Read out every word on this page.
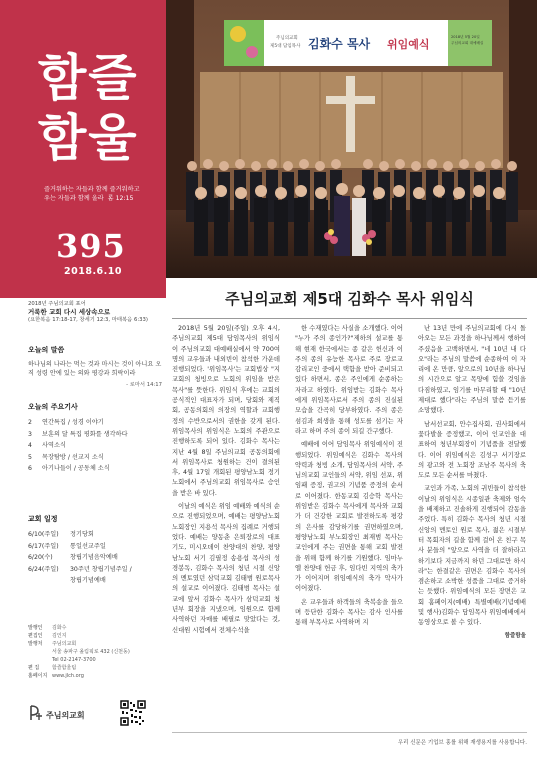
함즐
함울
즐거워하는 자들과 함께 즐거워하고
우는 자들과 함께 울라 롬 12:15
395
2018.6.10
2018년 주님의교회 표어
거룩한 교회 다시 세상속으로
(요한복음 17:18-17, 창세기 12:3, 마태복음 6:33)
오늘의 말씀
하나님의 나라는 먹는 것과 마시는 것이 아니요 오직 성령 안에 있는 의와 평강과 희락이라
- 로마서 14:17
오늘의 주요기사
2	연간특집 / 성경 이야기
3	보훈의 달 특집 평화를 생각하다
4	사역소식
5	목장탐방 / 선교지 소식
6	아기나들이 / 공동체 소식
교회 일정
6/10(주일)	정기당회
6/17(주일)	통일선교주일
6/20(수)	창립기념음악예배
6/24(주일)	30주년 창립기념주일 /
창립기념예배
발행인	김화수
편집인	김인지
발행처	주님의교회
서울 송파구 올림픽로 432 (신천동)
Tel 02-2147-3700
편 집	함즐함울팀
홈페이지 www.jlch.org
주님의교회
주님의교회
제5대 담임목사 김화수 목사 위임예식
2018년 5월 20일
주님의교회 대예배실
주님의교회 제5대 김화수 목사 위임식

2018년 5월 20일(주일) 오후 4시, 주님의교회 제5대 담임목사의 위임식이 주님의교회 대예배실에서 약 700여 명의 교우들과 내외빈이 참석한 가운데 진행되었다. '위임목사'는 교회법상 "지교회의 청빙으로 노회의 위임을 받은 목사"를 뜻한다. 위임식 후에는 교회의 공식적인 대표자가 되며, 당회와 제직회, 공동의회의 의장의 역할과 교회행정의 수반으로서의 권한을 갖게 된다. 위임목사의 위임식은 노회의 주관으로 진행하도록 되어 있다. 김화수 목사는 지난 4월 8일 주님의교회 공동의회에서 위임목사로 청원하는 건이 결의된 후, 4월 17일 개회된 평양남노회 정기노회에서 주님의교회 위임목사로 승인을 받은 바 있다.

이날의 예식은 위임 예배와 예식의 순으로 진행되었으며, 예배는 평양남노회 노회장인 지용석 목사의 집례로 거행되었다. 예배는 양동춘 은퇴장로의 대표기도, 미시오데이 찬양대의 찬양, 평양남노회 서기 김필정 송용섭 목사의 성경봉독, 김화수 목사의 청년 시절 신앙의 멘토였던 삼덕교회 김태범 원로목사의 설교로 이어졌다. 김태범 목사는 설교에 앞서 김화수 목사가 삼덕교회 청년부 회장을 지냈으며, 임원으로 함께 사역하던 자매를 배필로 맞았다는 것, 신대원 시험에서 전체수석을

한 수재였다는 사실을 소개했다. 이어 "누가 주의 종인가?"제하의 설교를 통해 현재 한국에서는 종 같은 헌신과 이 주의 종의 유능한 목사로 주로 장로교 감리교인 중에서 택함을 받아 준비되고 있다 하면서, 종은 주인에게 순종하는 자라고 하였다. 위임받는 김화수 목사에게 위임목사로서 주의 종의 진실된 모습을 간곡히 당부하였다. 주의 종은 섬김과 희생을 통해 성도를 섬기는 자라고 하며 주의 종이 되길 간구했다.

예배에 이어 담임목사 위임예식이 진행되었다. 위임예식은 김화수 목사의 약력과 청빙 소개, 담임목사의 서약, 주님의교회 교인들의 서약, 위임 선포, 위임패 증정, 권고의 기념품 증정의 순서로 이어졌다. 한동교회 김승학 목사는 위임받은 김화수 목사에게 목사와 교회가 더 건강한 교회로 발전하도록 평강의 은사를 감당하기를 권면하였으며, 평양남노회 부노회장인 최재범 목사는 교인에게 주는 권면을 통해 교회 발전을 위해 함께 하기를 기원했다. 임마누엘 찬양대 헌금 후, 임다빈 지역의 축가가 이어지며 위임예식의 축가 악사가 이어졌다.

온 교우들과 하객들의 축복송을 들으며 등단한 김화수 목사는 감사 인사를 통해 부목사로 사역하며 지

난 13년 만에 주님의교회에 다시 돌아오는 모든 과정을 하나님께서 행하여 주셨음을 고백하면서, "네 10년 내 다오"라는 주님의 말씀에 순종하여 이 자리에 온 만큼, 앞으로의 10년을 하나님의 시간으로 알고 목양에 힘쓸 것임을 다짐하였고, 임기를 마무리할 때 "10년 제대로 했다"라는 주님의 말씀 듣기를 소망했다.

남서선교회, 안수집사회, 권사회에서 꽃다발을 증정했고, 이어 인교인을 대표하여 청년부회장이 기념품을 전달했다. 이어 위임예식은 김성구 서기장로의 광고와 전 노회장 조남주 목사의 축도로 모든 순서를 마쳤다.

교인과 가족, 노회의 귀빈들이 참석한 이날의 위임식은 시종일관 축제와 엄숙을 배제하고 진솔하게 진행되어 감동을 주었다. 특히 김화수 목사의 청년 시절 신앙의 멘토인 원로 목사, 젊은 시절부터 목회자의 길을 함께 걸어 온 친구 목사 분들의 "앞으로 사역을 더 잘하라고 하기보다 지금까지 하던 그대로만 하시라"는 한결같은 권면은 김화수 목사의 겸손하고 소박한 성품을 그대로 증거하는 듯했다. 위임예식의 모든 장면은 교회 홈페이지(예배) 특별예배(기념예배 및 행사)김화수 담임목사 위임예배에서 동영상으로 볼 수 있다.

함즐함울
우리 신문은 기업브 홍를 위해 재생용지를 사용합니다.
